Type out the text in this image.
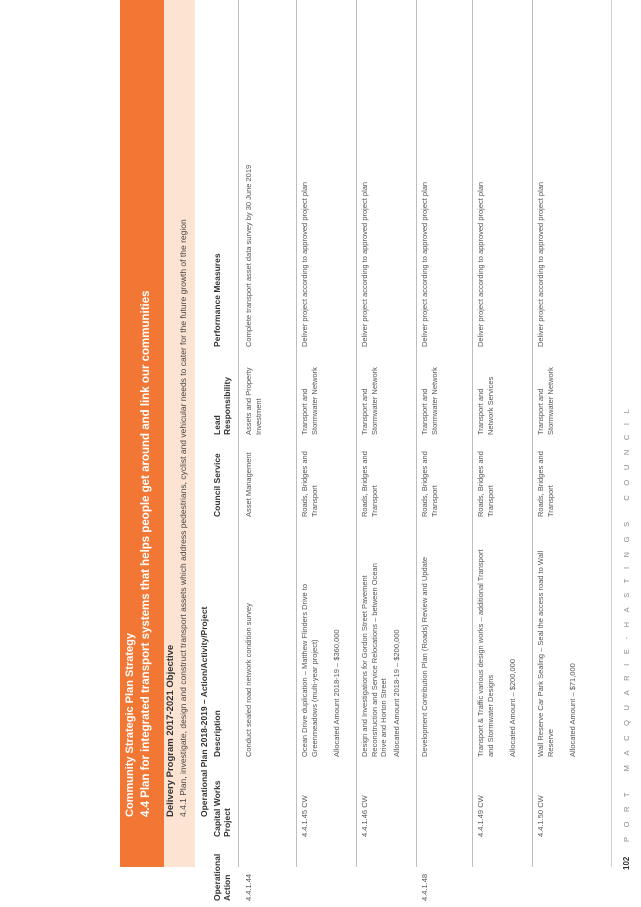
Community Strategic Plan Strategy 4.4 Plan for integrated transport systems that helps people get around and link our communities Delivery Program 2017-2021 Objective 4.4.1 Plan, investigate, design and construct transport assets which address pedestrians, cyclist and vehicular needs to cater for the future growth of the region Operational Plan 2018-2019 – Action/Activity/Project
Operational Action
Capital Works Project
Description
Council Service
Lead Responsibility
Performance Measures
4.4.1.44
Conduct sealed road network condition survey
Asset Management
Assets and Property Investment
Complete transport asset data survey by 30 June 2019
4.4.1.45 CW
Ocean Drive duplication – Matthew Flinders Drive to Greenmeadows (multi-year project)
Roads, Bridges and Transport
Transport and Stormwater Network
Deliver project according to approved project plan
Allocated Amount 2018-19 – $360,000
4.4.1.46 CW
Design and Investigations for Gordon Street Pavement Reconstruction and Service Relocations – between Ocean Drive and Horton Street
Roads, Bridges and Transport
Transport and Stormwater Network
Deliver project according to approved project plan
Allocated Amount 2018-19 – $200,000
4.4.1.48
Development Contribution Plan (Roads) Review and Update
Roads, Bridges and Transport
Transport and Stormwater Network
Deliver project according to approved project plan
4.4.1.49 CW
Transport & Traffic various design works – additional Transport and Stormwater Designs
Roads, Bridges and Transport
Transport and Network Services
Deliver project according to approved project plan
Allocated Amount – $200,000
4.4.1.50 CW
Wall Reserve Car Park Sealing – Seal the access road to Wall Reserve
Roads, Bridges and Transport
Transport and Stormwater Network
Deliver project according to approved project plan
Allocated Amount – $71,000
102
PORT MACQUARIE-HASTINGS COUNCIL
